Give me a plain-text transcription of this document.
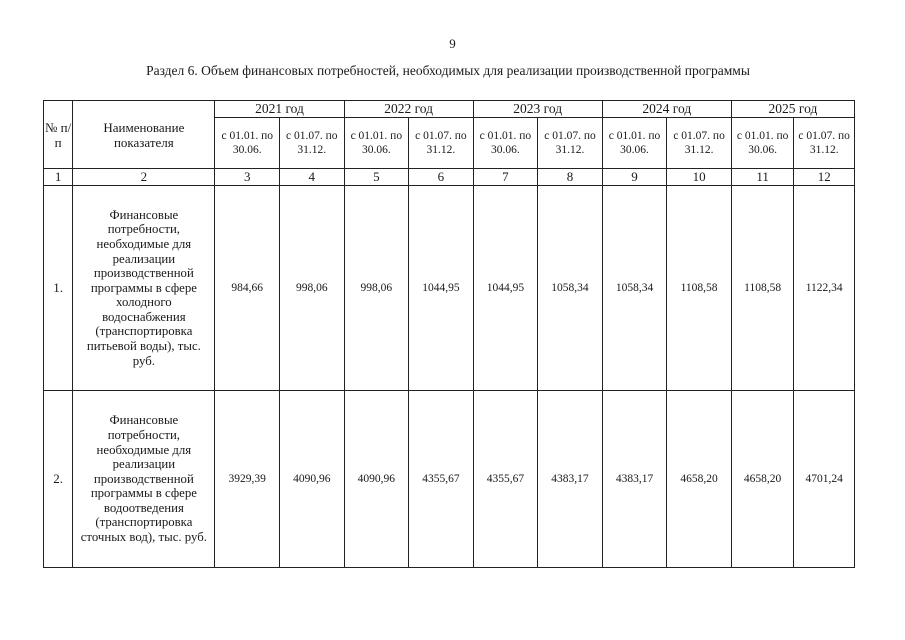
9
Раздел 6. Объем финансовых потребностей, необходимых для реализации производственной программы
№ п/п	Наименование показателя	2021 год		2022 год		2023 год		2024 год		2025 год	
		с 01.01. по 30.06.	с 01.07. по 31.12.	с 01.01. по 30.06.	с 01.07. по 31.12.	с 01.01. по 30.06.	с 01.07. по 31.12.	с 01.01. по 30.06.	с 01.07. по 31.12.	с 01.01. по 30.06.	с 01.07. по 31.12.
1	2	3	4	5	6	7	8	9	10	11	12
1.	Финансовые потребности, необходимые для реализации производственной программы в сфере холодного водоснабжения (транспортировка питьевой воды), тыс. руб.	984,66	998,06	998,06	1044,95	1044,95	1058,34	1058,34	1108,58	1108,58	1122,34
2.	Финансовые потребности, необходимые для реализации производственной программы в сфере водоотведения (транспортировка сточных вод), тыс. руб.	3929,39	4090,96	4090,96	4355,67	4355,67	4383,17	4383,17	4658,20	4658,20	4701,24
